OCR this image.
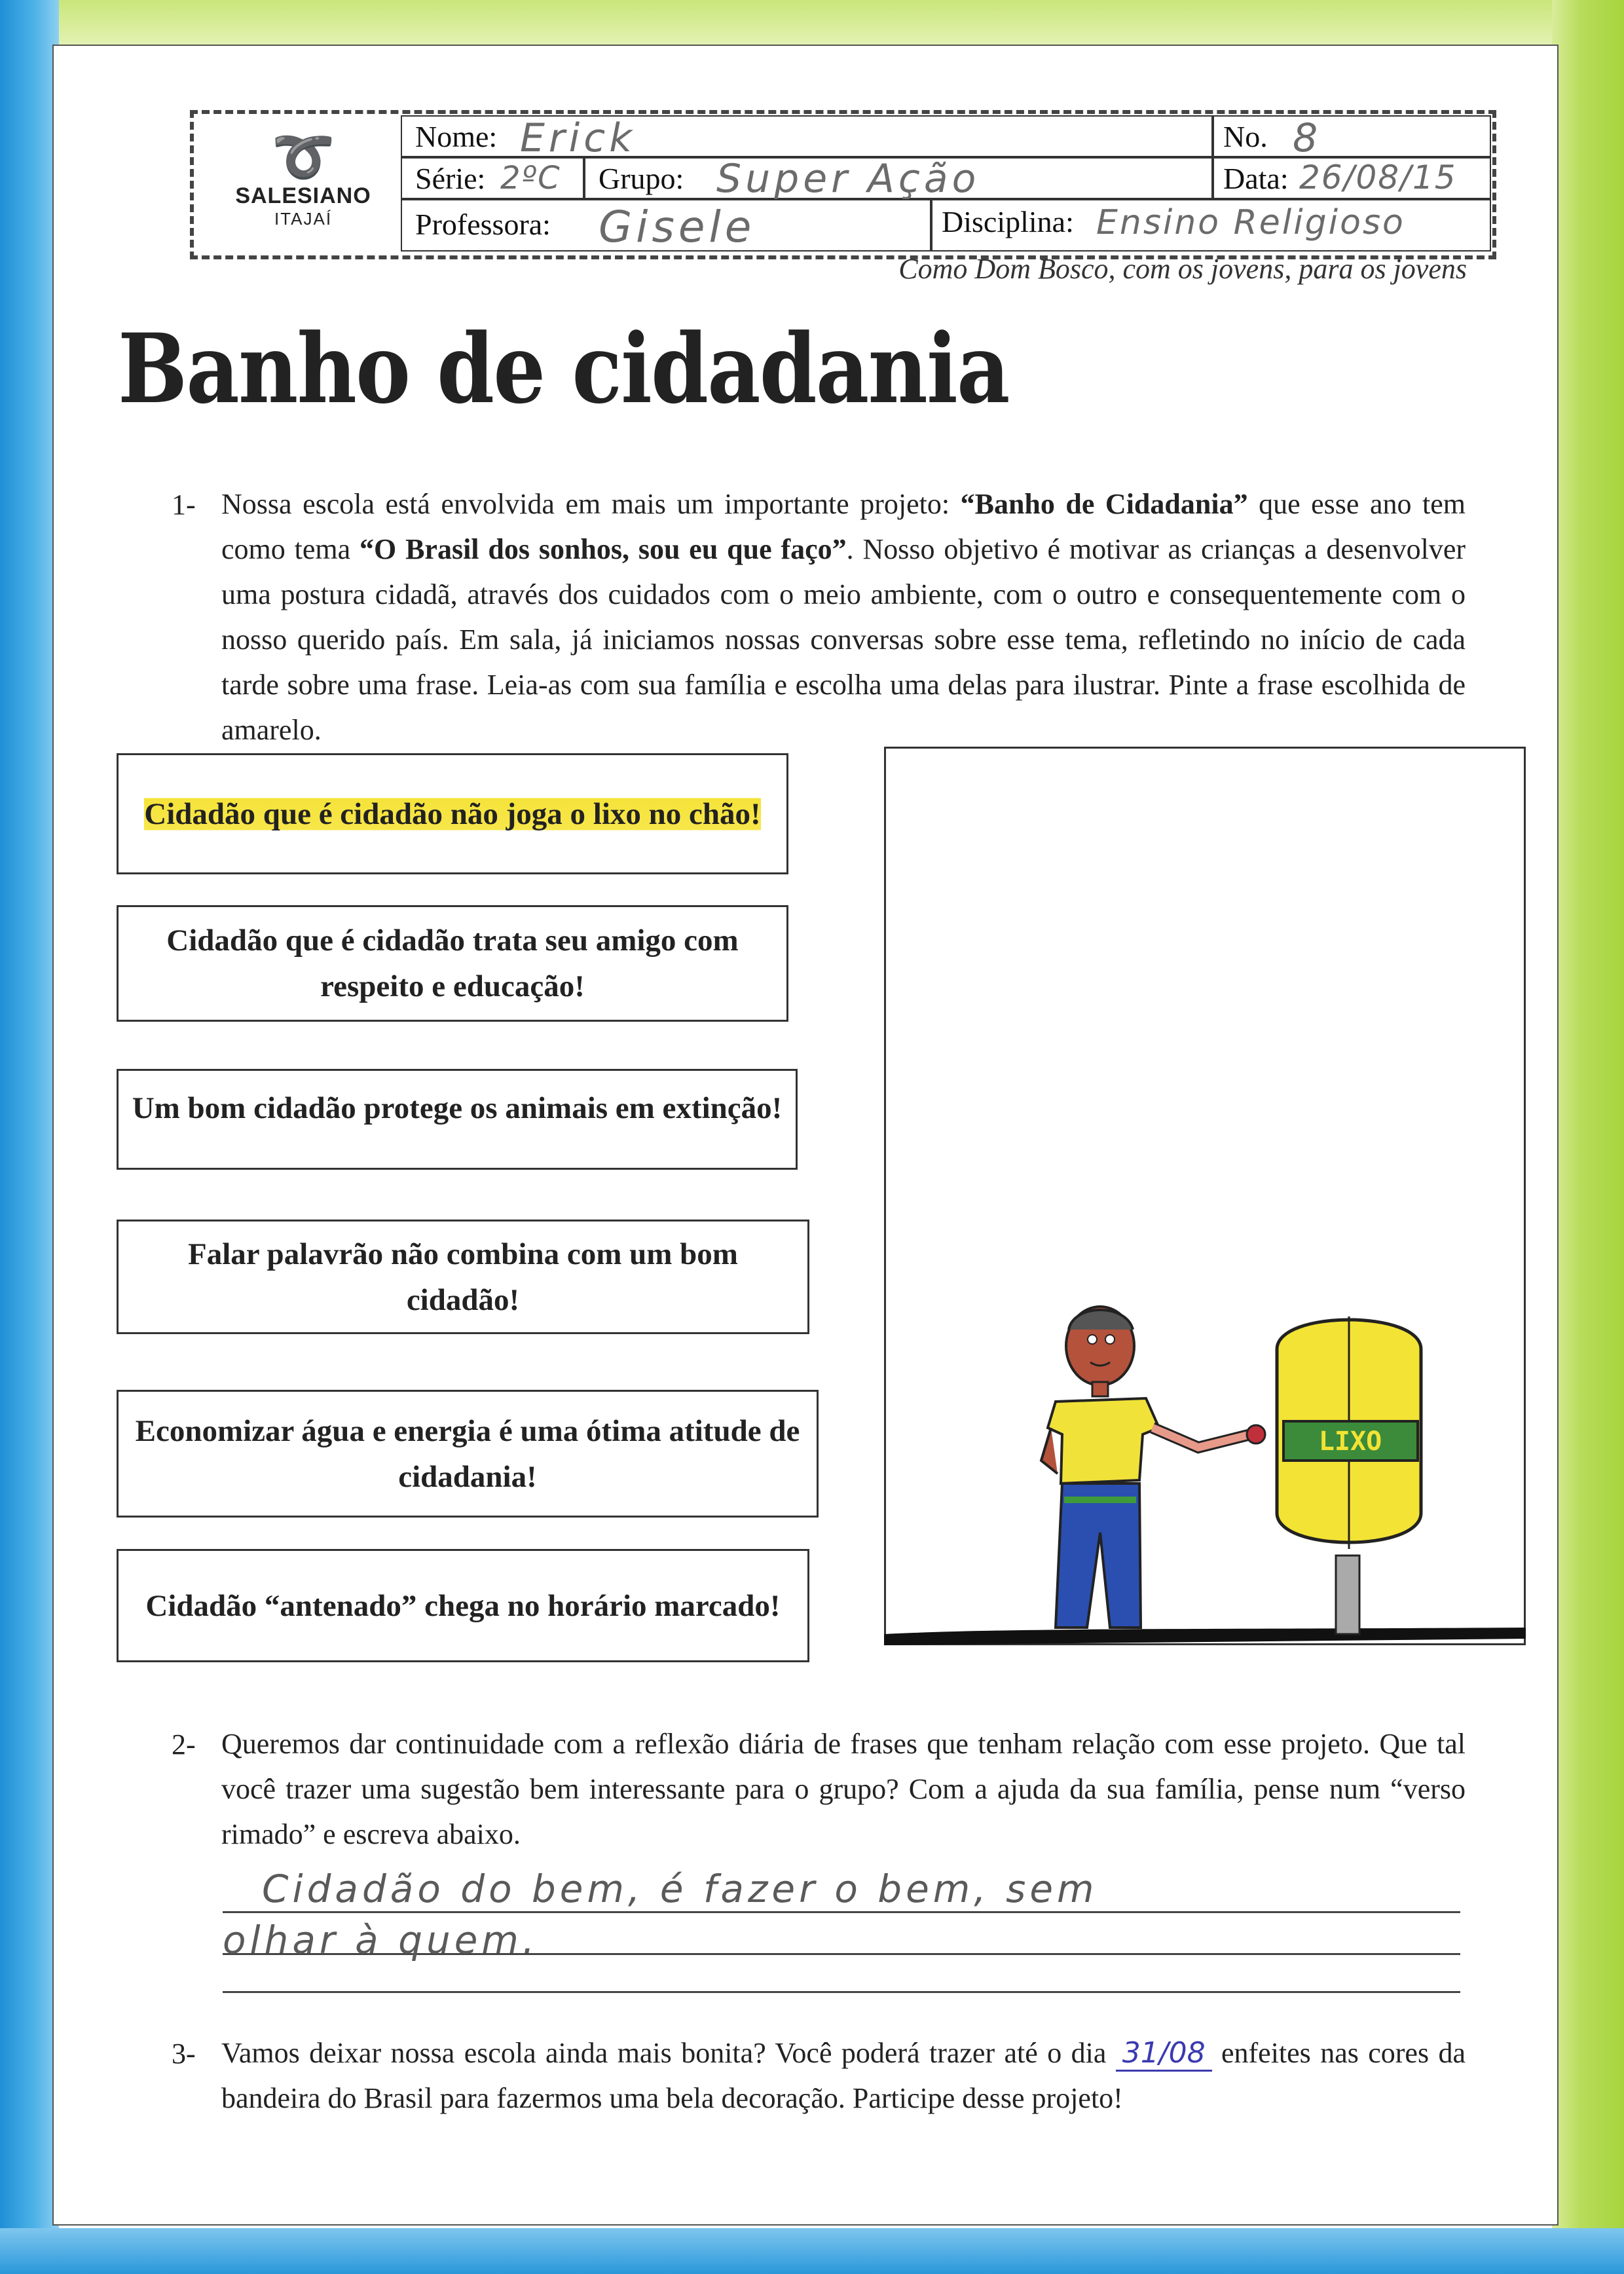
➰
SALESIANO
ITAJAÍ
Nome: Erick	No. 8
Série: 2ºC Grupo: Super Ação	Data: 26/08/15
Professora: Gisele	Disciplina: Ensino Religioso
Como Dom Bosco, com os jovens, para os jovens
Banho de cidadania
1- Nossa escola está envolvida em mais um importante projeto: “Banho de Cidadania” que esse ano tem como tema “O Brasil dos sonhos, sou eu que faço”. Nosso objetivo é motivar as crianças a desenvolver uma postura cidadã, através dos cuidados com o meio ambiente, com o outro e consequentemente com o nosso querido país. Em sala, já iniciamos nossas conversas sobre esse tema, refletindo no início de cada tarde sobre uma frase. Leia-as com sua família e escolha uma delas para ilustrar. Pinte a frase escolhida de amarelo.
Cidadão que é cidadão não joga o lixo no chão!
Cidadão que é cidadão trata seu amigo com respeito e educação!
Um bom cidadão protege os animais em extinção!
Falar palavrão não combina com um bom cidadão!
Economizar água e energia é uma ótima atitude de cidadania!
Cidadão “antenado” chega no horário marcado!
LIXO
2- Queremos dar continuidade com a reflexão diária de frases que tenham relação com esse projeto. Que tal você trazer uma sugestão bem interessante para o grupo? Com a ajuda da sua família, pense num “verso rimado” e escreva abaixo.
Cidadão do bem, é fazer o bem, sem
olhar à quem.
3- Vamos deixar nossa escola ainda mais bonita? Você poderá trazer até o dia 31/08 enfeites nas cores da bandeira do Brasil para fazermos uma bela decoração. Participe desse projeto!
